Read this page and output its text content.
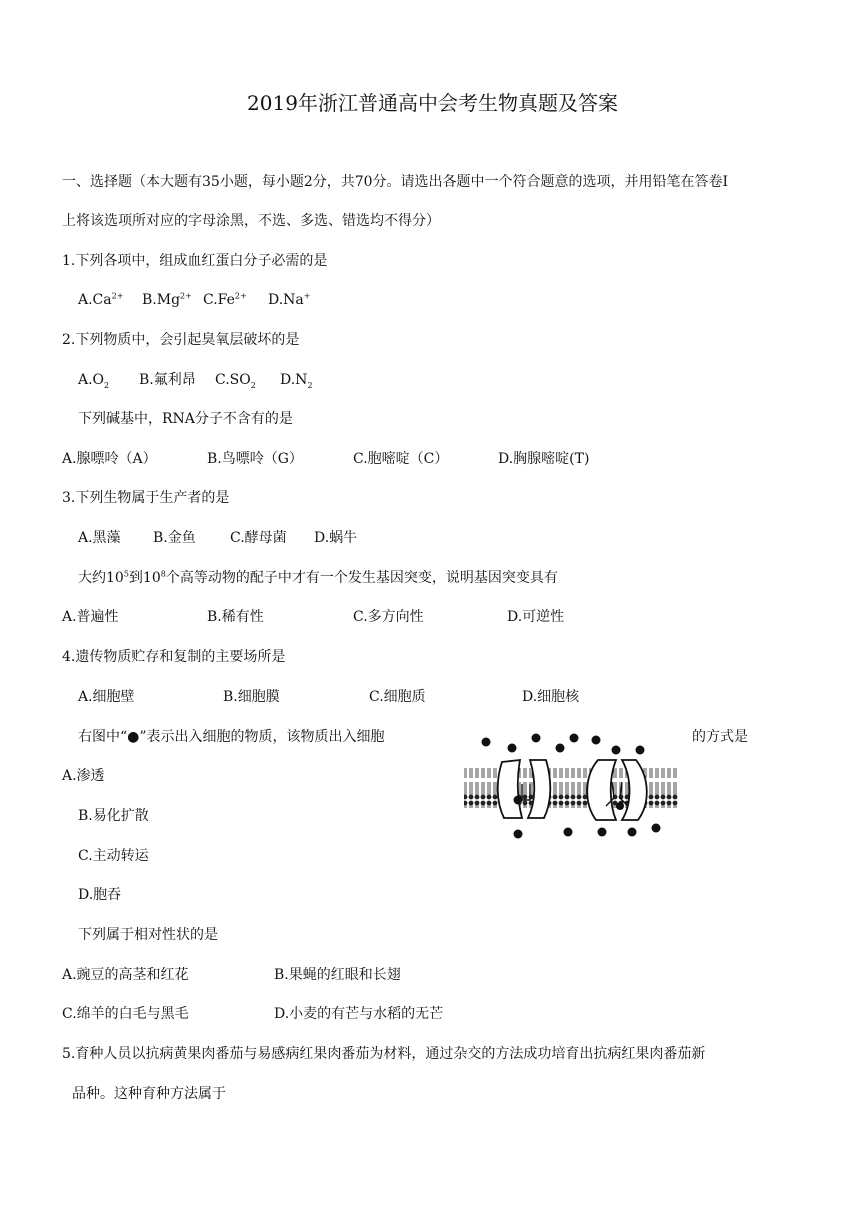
2019年浙江普通高中会考生物真题及答案
一、选择题（本大题有35小题，每小题2分，共70分。请选出各题中一个符合题意的选项，并用铅笔在答卷Ⅰ
上将该选项所对应的字母涂黑，不选、多选、错选均不得分）
1.下列各项中，组成血红蛋白分子必需的是
$A.Ca^{2+}$ $B.Mg^{2+}$ $C.Fe^{2+}$ D.Na+
2.下列物质中，会引起臭氧层破坏的是
$A.O_2$ B.氟利昂 $C.SO_2$ $D.N_2$
下列碱基中，RNA分子不含有的是
A.腺嘌呤（A）	B.鸟嘌呤（G）	C.胞嘧啶（C）	D.胸腺嘧啶(T)
3.下列生物属于生产者的是
A.黑藻 B.金鱼 C.酵母菌 D.蜗牛
大约$10^5$到$10^8$个高等动物的配子中才有一个发生基因突变，说明基因突变具有
A.普遍性	B.稀有性	C.多方向性	D.可逆性
4.遗传物质贮存和复制的主要场所是
A.细胞壁	B.细胞膜	C.细胞质	D.细胞核
右图中“●”表示出入细胞的物质，该物质出入细胞	的方式是
A.渗透
B.易化扩散
C.主动转运
D.胞吞
下列属于相对性状的是
A.豌豆的高茎和红花	B.果蝇的红眼和长翅
C.绵羊的白毛与黑毛	D.小麦的有芒与水稻的无芒
5.育种人员以抗病黄果肉番茄与易感病红果肉番茄为材料，通过杂交的方法成功培育出抗病红果肉番茄新
品种。这种育种方法属于
